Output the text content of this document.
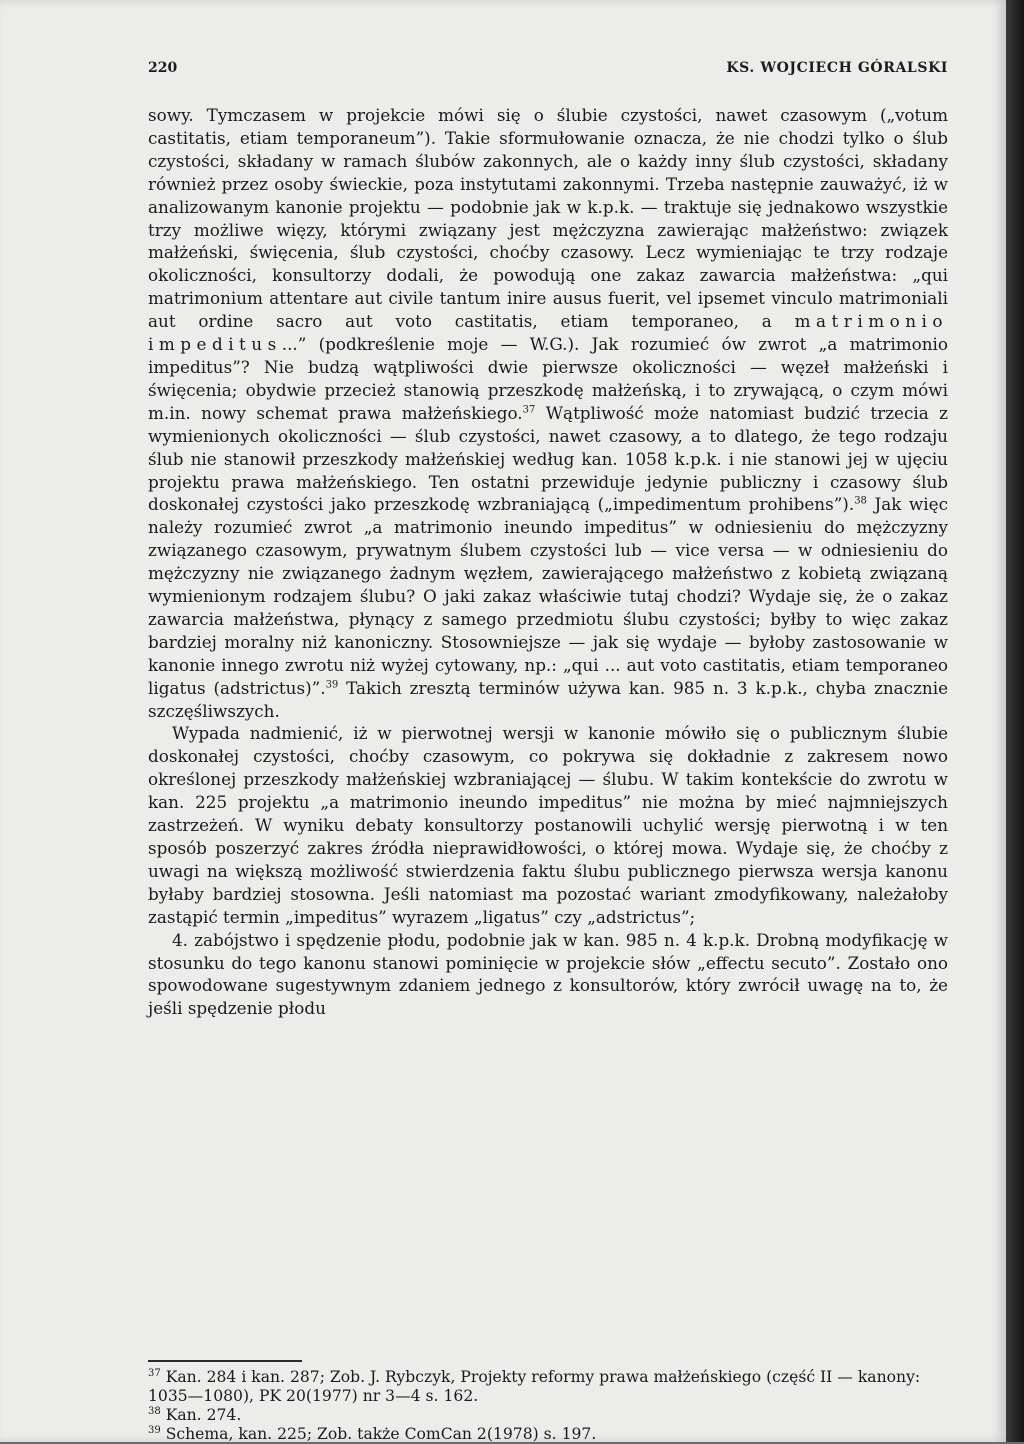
220	KS. WOJCIECH GÓRALSKI

sowy. Tymczasem w projekcie mówi się o ślubie czystości, nawet czasowym („votum castitatis, etiam temporaneum”). Takie sformułowanie oznacza, że nie chodzi tylko o ślub czystości, składany w ramach ślubów zakonnych, ale o każdy inny ślub czystości, składany również przez osoby świeckie, poza instytutami zakonnymi. Trzeba następnie zauważyć, iż w analizowanym kanonie projektu — podobnie jak w k.p.k. — traktuje się jednakowo wszystkie trzy możliwe więzy, którymi związany jest mężczyzna zawierając małżeństwo: związek małżeński, święcenia, ślub czystości, choćby czasowy. Lecz wymieniając te trzy rodzaje okoliczności, konsultorzy dodali, że powodują one zakaz zawarcia małżeństwa: „qui matrimonium attentare aut civile tantum inire ausus fuerit, vel ipsemet vinculo matrimoniali aut ordine sacro aut voto castitatis, etiam temporaneo, a matrimonio impeditus...” (podkreślenie moje — W.G.). Jak rozumieć ów zwrot „a matrimonio impeditus”? Nie budzą wątpliwości dwie pierwsze okoliczności — węzeł małżeński i święcenia; obydwie przecież stanowią przeszkodę małżeńską, i to zrywającą, o czym mówi m.in. nowy schemat prawa małżeńskiego.$^{37}$ Wątpliwość może natomiast budzić trzecia z wymienionych okoliczności — ślub czystości, nawet czasowy, a to dlatego, że tego rodzaju ślub nie stanowił przeszkody małżeńskiej według kan. 1058 k.p.k. i nie stanowi jej w ujęciu projektu prawa małżeńskiego. Ten ostatni przewiduje jedynie publiczny i czasowy ślub doskonałej czystości jako przeszkodę wzbraniającą („impedimentum prohibens”).$^{38}$ Jak więc należy rozumieć zwrot „a matrimonio ineundo impeditus” w odniesieniu do mężczyzny związanego czasowym, prywatnym ślubem czystości lub — vice versa — w odniesieniu do mężczyzny nie związanego żadnym węzłem, zawierającego małżeństwo z kobietą związaną wymienionym rodzajem ślubu? O jaki zakaz właściwie tutaj chodzi? Wydaje się, że o zakaz zawarcia małżeństwa, płynący z samego przedmiotu ślubu czystości; byłby to więc zakaz bardziej moralny niż kanoniczny. Stosowniejsze — jak się wydaje — byłoby zastosowanie w kanonie innego zwrotu niż wyżej cytowany, np.: „qui ... aut voto castitatis, etiam temporaneo ligatus (adstrictus)”.$^{39}$ Takich zresztą terminów używa kan. 985 n. 3 k.p.k., chyba znacznie szczęśliwszych.

Wypada nadmienić, iż w pierwotnej wersji w kanonie mówiło się o publicznym ślubie doskonałej czystości, choćby czasowym, co pokrywa się dokładnie z zakresem nowo określonej przeszkody małżeńskiej wzbraniającej — ślubu. W takim kontekście do zwrotu w kan. 225 projektu „a matrimonio ineundo impeditus” nie można by mieć najmniejszych zastrzeżeń. W wyniku debaty konsultorzy postanowili uchylić wersję pierwotną i w ten sposób poszerzyć zakres źródła nieprawidłowości, o której mowa. Wydaje się, że choćby z uwagi na większą możliwość stwierdzenia faktu ślubu publicznego pierwsza wersja kanonu byłaby bardziej stosowna. Jeśli natomiast ma pozostać wariant zmodyfikowany, należałoby zastąpić termin „impeditus” wyrazem „ligatus” czy „adstrictus”;

4. zabójstwo i spędzenie płodu, podobnie jak w kan. 985 n. 4 k.p.k. Drobną modyfikację w stosunku do tego kanonu stanowi pominięcie w projekcie słów „effectu secuto”. Zostało ono spowodowane sugestywnym zdaniem jednego z konsultorów, który zwrócił uwagę na to, że jeśli spędzenie płodu

$^{37}$ Kan. 284 i kan. 287; Zob. J. Rybczyk, Projekty reformy prawa małżeńskiego (część II — kanony: 1035—1080), PK 20(1977) nr 3—4 s. 162.

$^{38}$ Kan. 274.

$^{39}$ Schema, kan. 225; Zob. także ComCan 2(1978) s. 197.
